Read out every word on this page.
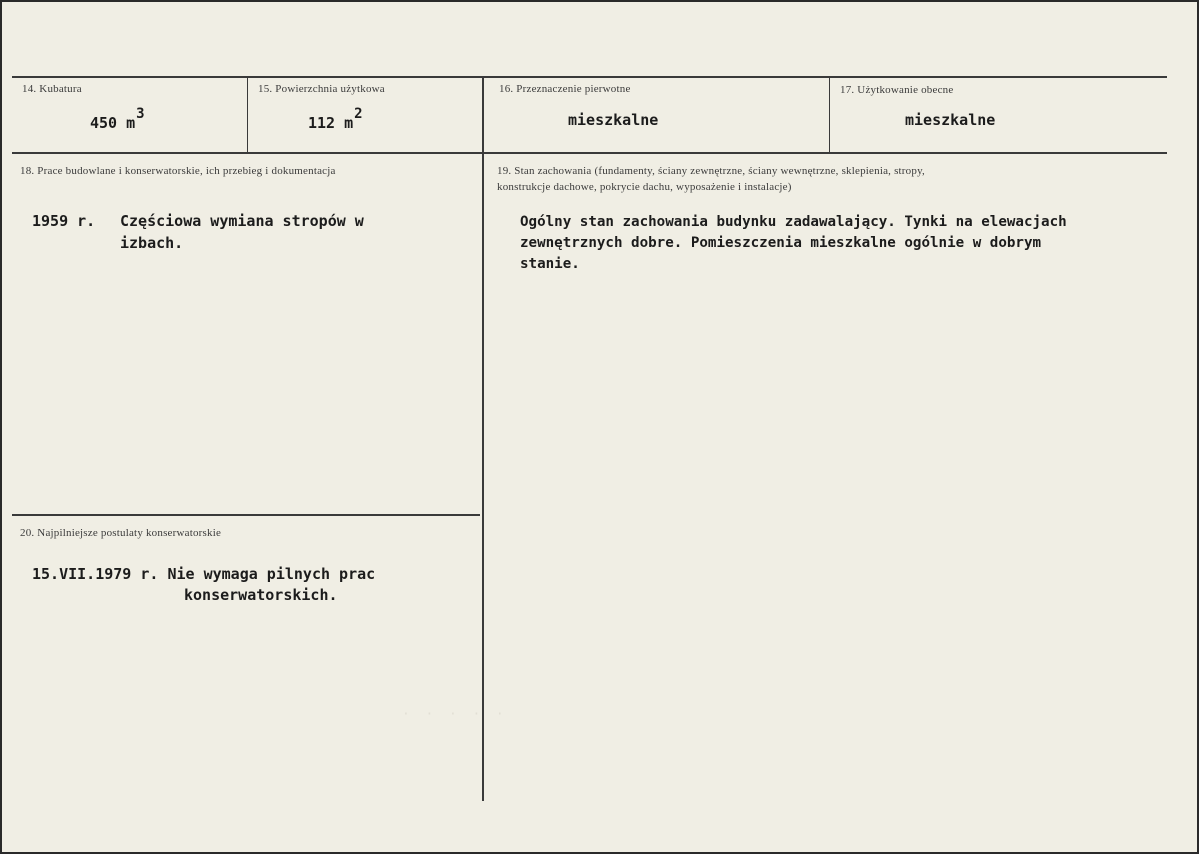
14. Kubatura
450 $m^3$
15. Powierzchnia użytkowa
112 $m^2$
16. Przeznaczenie pierwotne
mieszkalne
17. Użytkowanie obecne
mieszkalne
18. Prace budowlane i konserwatorskie, ich przebieg i dokumentacja
1959 r. Częściowa wymiana stropów w
izbach.
19. Stan zachowania (fundamenty, ściany zewnętrzne, ściany wewnętrzne, sklepienia, stropy,
konstrukcje dachowe, pokrycie dachu, wyposażenie i instalacje)
Ogólny stan zachowania budynku zadawalający. Tynki na elewacjach
zewnętrznych dobre. Pomieszczenia mieszkalne ogólnie w dobrym
stanie.
20. Najpilniejsze postulaty konserwatorskie
15.VII.1979 r. Nie wymaga pilnych prac
konserwatorskich.
·  ·  ·  ·  ·
